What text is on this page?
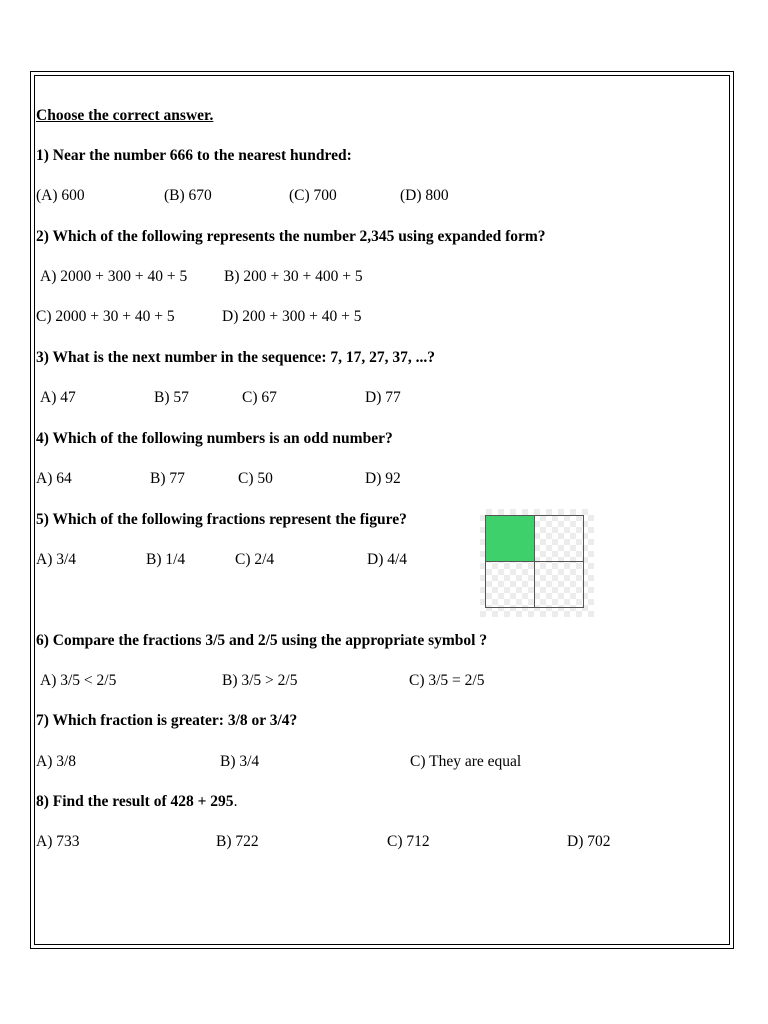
Choose the correct answer.
1) Near the number 666 to the nearest hundred:
(A) 600	(B) 670	(C) 700	(D) 800
2) Which of the following represents the number 2,345 using expanded form?
A) 2000 + 300 + 40 + 5 B) 200 + 30 + 400 + 5
C) 2000 + 30 + 40 + 5	D) 200 + 300 + 40 + 5
3) What is the next number in the sequence: 7, 17, 27, 37, ...?
A) 47	B) 57	C) 67	D) 77
4) Which of the following numbers is an odd number?
A) 64	B) 77	C) 50	D) 92
5) Which of the following fractions represent the figure?
A) 3/4	B) 1/4	C) 2/4	D) 4/4
6) Compare the fractions 3/5 and 2/5 using the appropriate symbol ?
A) 3/5 < 2/5	B) 3/5 > 2/5	C) 3/5 = 2/5
7) Which fraction is greater: 3/8 or 3/4?
A) 3/8	B) 3/4	C) They are equal
8) Find the result of 428 + 295.
A) 733	B) 722	C) 712	D) 702
